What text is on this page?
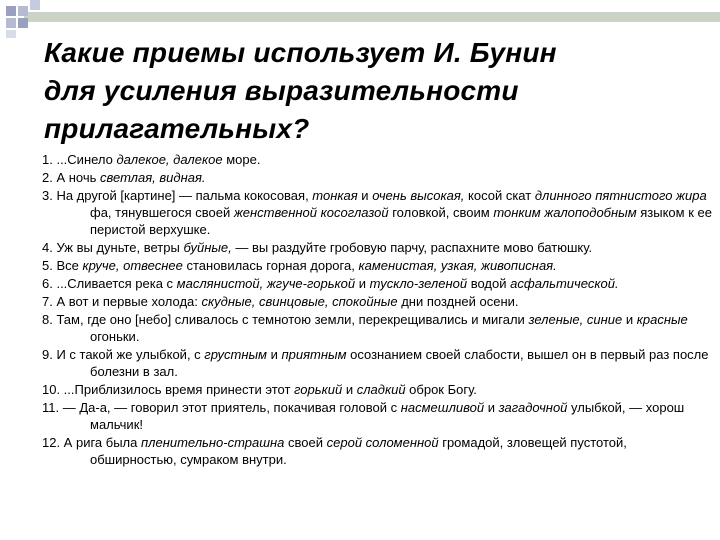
Какие приемы использует И. Бунин
для усиления выразительности
прилагательных?
1. ...Синело далекое, далекое море.
2. А ночь светлая, видная.
3. На другой [картине] — пальма кокосовая, тонкая и очень высокая, косой скат длинного пятнистого жира фа, тянувшегося своей женственной косоглазой головкой, своим тонким жалоподобным языком к ее перистой верхушке.
4. Уж вы дуньте, ветры буйные, — вы раздуйте гробовую парчу, распахните мово батюшку.
5. Все круче, отвеснее становилась горная дорога, каменистая, узкая, живописная.
6. ...Сливается река с маслянистой, жгуче-горькой и тускло-зеленой водой асфальтической.
7. А вот и первые холода: скудные, свинцовые, спокойные дни поздней осени.
8. Там, где оно [небо] сливалось с темнотою земли, перекрещивались и мигали зеленые, синие и красные огоньки.
9. И с такой же улыбкой, с грустным и приятным осознанием своей слабости, вышел он в первый раз после болезни в зал.
10. ...Приблизилось время принести этот горький и сладкий оброк Богу.
11. — Да-а, — говорил этот приятель, покачивая головой с насмешливой и загадочной улыбкой, — хорош мальчик!
12. А рига была пленительно-страшна своей серой соломенной громадой, зловещей пустотой, обширностью, сумраком внутри.
